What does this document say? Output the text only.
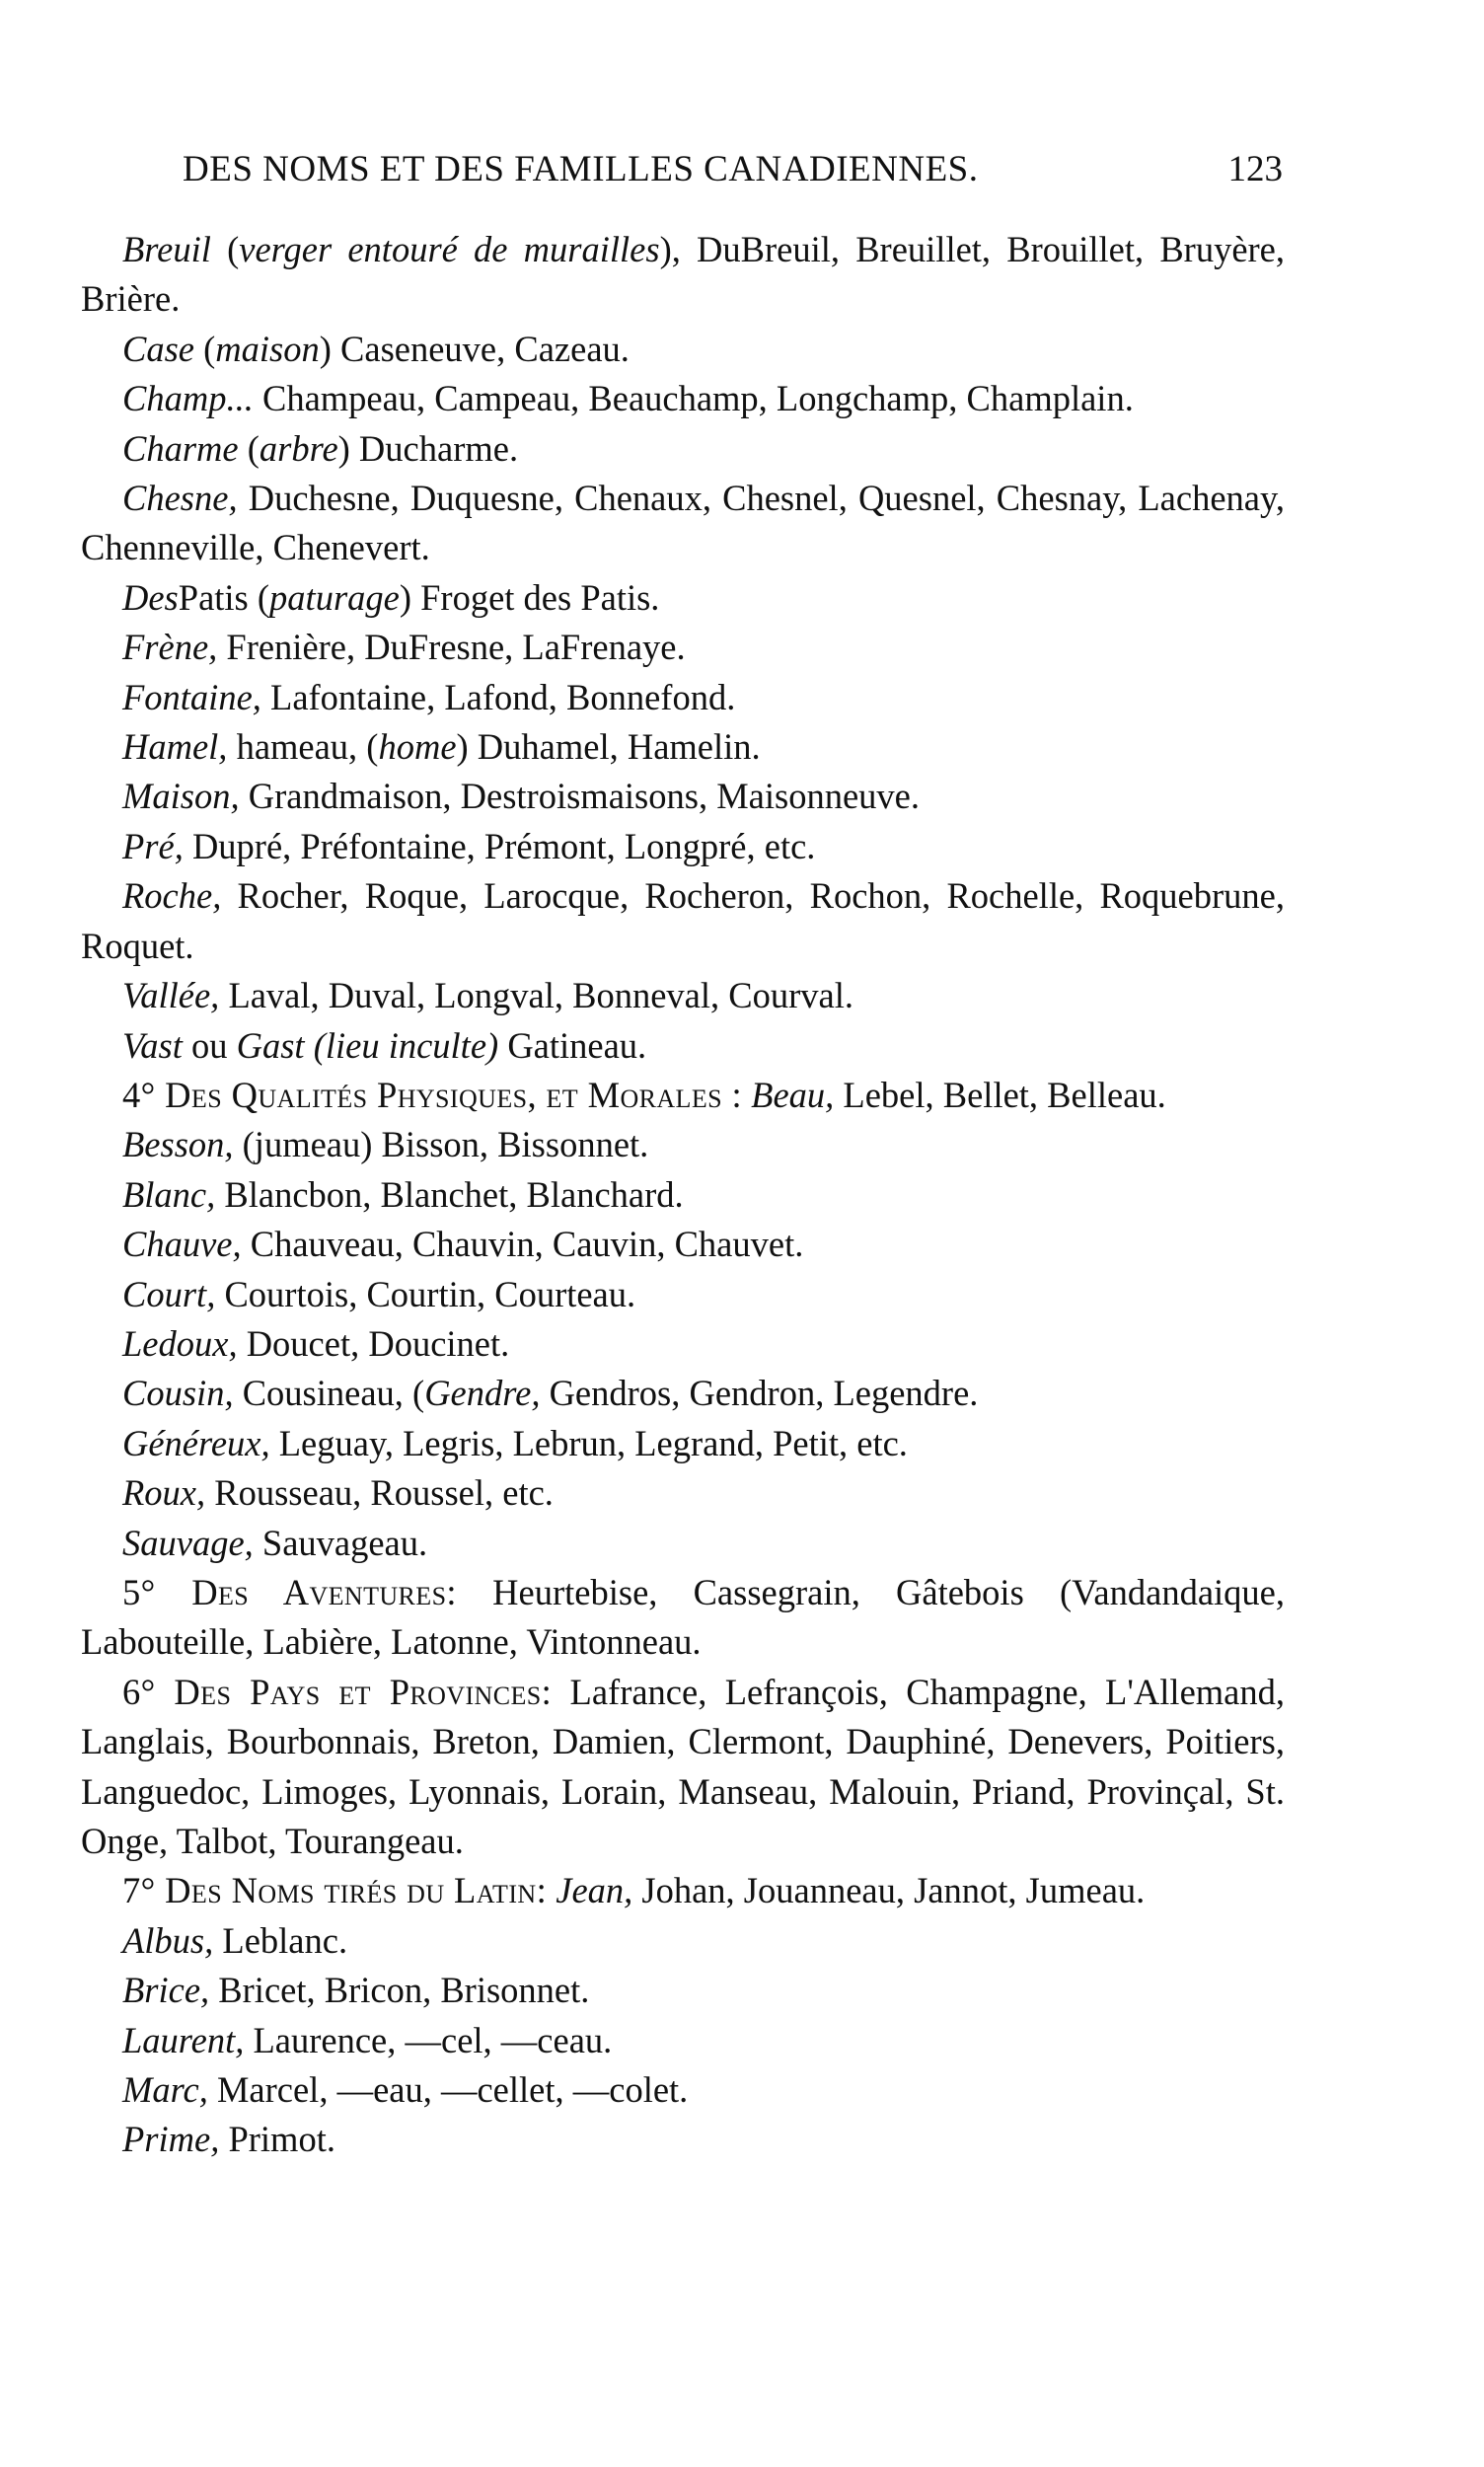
DES NOMS ET DES FAMILLES CANADIENNES.	123

Breuil (verger entouré de murailles), DuBreuil, Breuillet, Brouillet, Bruyère, Brière.

Case (maison) Caseneuve, Cazeau.

Champ... Champeau, Campeau, Beauchamp, Longchamp, Champlain.

Charme (arbre) Ducharme.

Chesne, Duchesne, Duquesne, Chenaux, Chesnel, Quesnel, Chesnay, Lachenay, Chenneville, Chenevert.

DesPatis (paturage) Froget des Patis.

Frène, Frenière, DuFresne, LaFrenaye.

Fontaine, Lafontaine, Lafond, Bonnefond.

Hamel, hameau, (home) Duhamel, Hamelin.

Maison, Grandmaison, Destroismaisons, Maisonneuve.

Pré, Dupré, Préfontaine, Prémont, Longpré, etc.

Roche, Rocher, Roque, Larocque, Rocheron, Rochon, Rochelle, Roquebrune, Roquet.

Vallée, Laval, Duval, Longval, Bonneval, Courval.

Vast ou Gast (lieu inculte) Gatineau.

4° Des Qualités Physiques, et Morales : Beau, Lebel, Bellet, Belleau.

Besson, (jumeau) Bisson, Bissonnet.

Blanc, Blancbon, Blanchet, Blanchard.

Chauve, Chauveau, Chauvin, Cauvin, Chauvet.

Court, Courtois, Courtin, Courteau.

Ledoux, Doucet, Doucinet.

Cousin, Cousineau, (Gendre, Gendros, Gendron, Legendre.

Généreux, Leguay, Legris, Lebrun, Legrand, Petit, etc.

Roux, Rousseau, Roussel, etc.

Sauvage, Sauvageau.

5° Des Aventures: Heurtebise, Cassegrain, Gâtebois (Vandandaique, Labouteille, Labière, Latonne, Vintonneau.

6° Des Pays et Provinces: Lafrance, Lefrançois, Champagne, L'Allemand, Langlais, Bourbonnais, Breton, Damien, Clermont, Dauphiné, Denevers, Poitiers, Languedoc, Limoges, Lyonnais, Lorain, Manseau, Malouin, Priand, Provinçal, St. Onge, Talbot, Tourangeau.

7° Des Noms tirés du Latin: Jean, Johan, Jouanneau, Jannot, Jumeau.

Albus, Leblanc.

Brice, Bricet, Bricon, Brisonnet.

Laurent, Laurence, —cel, —ceau.

Marc, Marcel, —eau, —cellet, —colet.

Prime, Primot.
